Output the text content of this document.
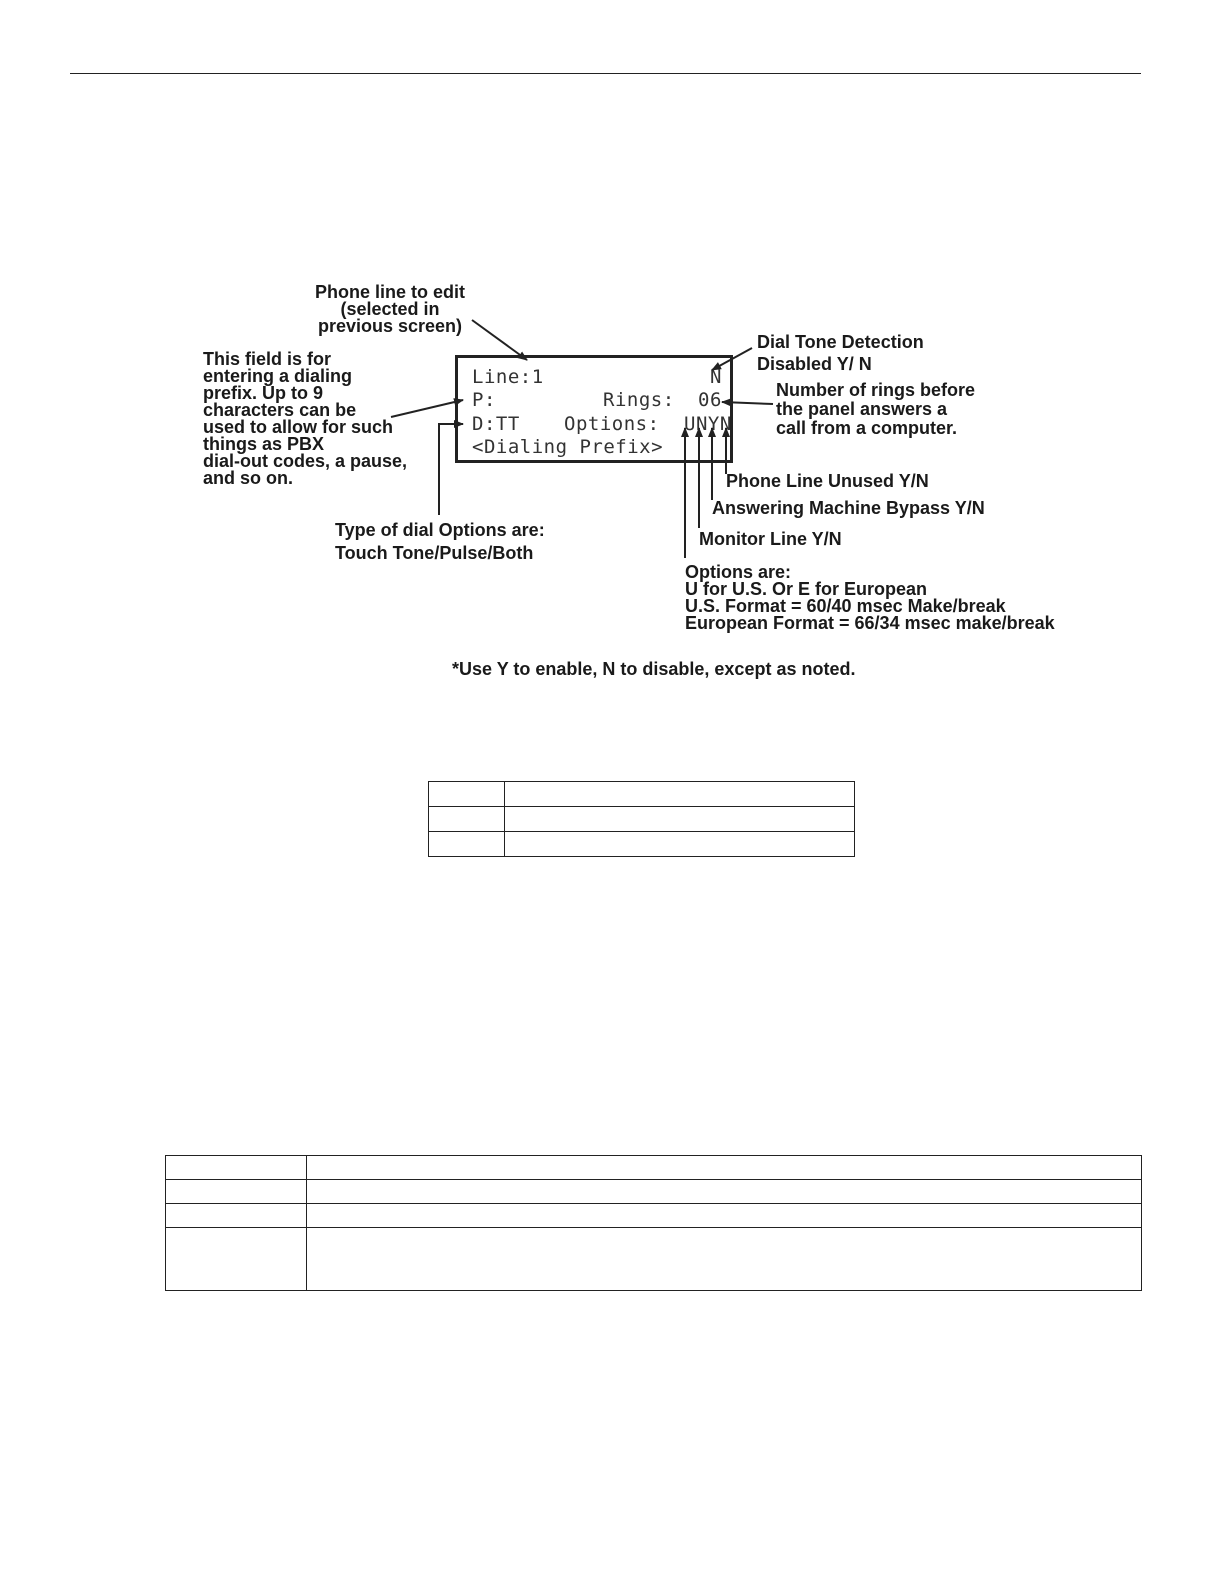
Phone line to edit
(selected in
previous screen)
Dial Tone Detection
Disabled Y/ N
This field is for
entering a dialing
prefix. Up to 9
characters can be
used to allow for such
things as PBX
dial-out codes, a pause,
and so on.
Number of rings before
the panel answers a
call from a computer.
Line:1	N
P:	Rings: 06
D:TT Options: UNYN
<Dialing Prefix>
Phone Line Unused Y/N
Answering Machine Bypass Y/N
Type of dial Options are:
Touch Tone/Pulse/Both
Monitor Line Y/N
Options are:
U for U.S. Or E for European
U.S. Format = 60/40 msec Make/break
European Format = 66/34 msec make/break
*Use Y to enable, N to disable, except as noted.
